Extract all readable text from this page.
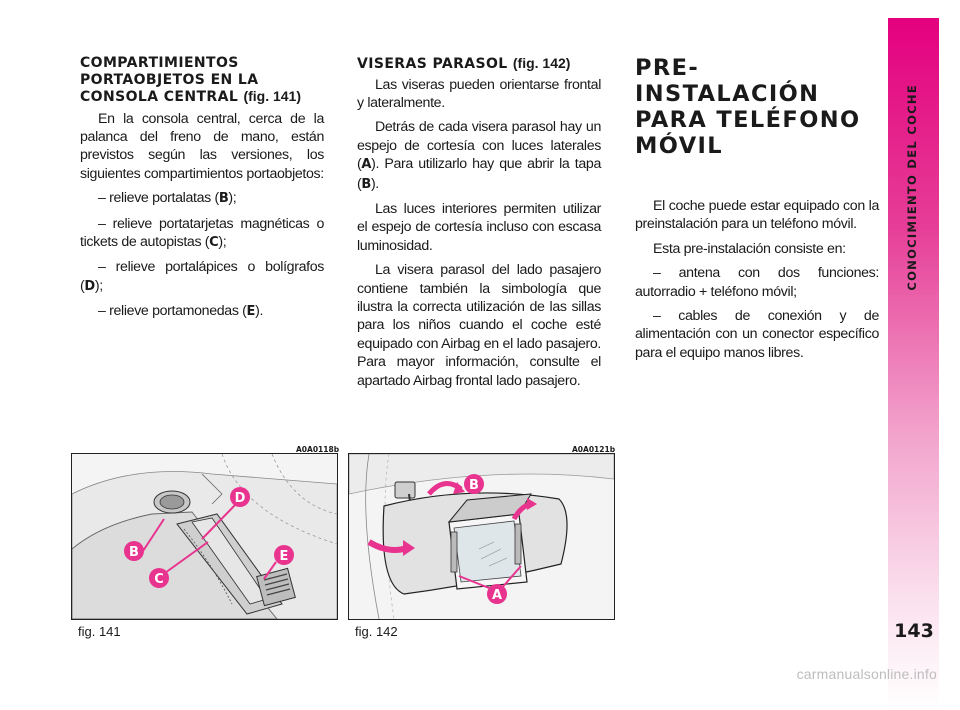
COMPARTIMIENTOS
PORTAOBJETOS EN LA
CONSOLA CENTRAL (fig. 141)

En la consola central, cerca de la palanca del freno de mano, están previstos según las versiones, los siguientes compartimientos portaobjetos:

– relieve portalatas (B);

– relieve portatarjetas magnéticas o tickets de autopistas (C);

– relieve portalápices o bolígrafos (D);

– relieve portamonedas (E).

VISERAS PARASOL (fig. 142)

Las viseras pueden orientarse frontal y lateralmente.

Detrás de cada visera parasol hay un espejo de cortesía con luces laterales (A). Para utilizarlo hay que abrir la tapa (B).

Las luces interiores permiten utilizar el espejo de cortesía incluso con escasa luminosidad.

La visera parasol del lado pasajero contiene también la simbología que ilustra la correcta utilización de las sillas para los niños cuando el coche esté equipado con Airbag en el lado pasajero. Para mayor información, consulte el apartado Airbag frontal lado pasajero.

PRE-INSTALACIÓN
PARA TELÉFONO
MÓVIL

El coche puede estar equipado con la preinstalación para un teléfono móvil.

Esta pre-instalación consiste en:

– antena con dos funciones: autorradio + teléfono móvil;

– cables de conexión y de alimentación con un conector específico para el equipo manos libres.

CONOCIMIENTO DEL COCHE
143
A0A0118b
D
B	E
C
fig. 141
A0A0121b
B
A
fig. 142
carmanualsonline.info
